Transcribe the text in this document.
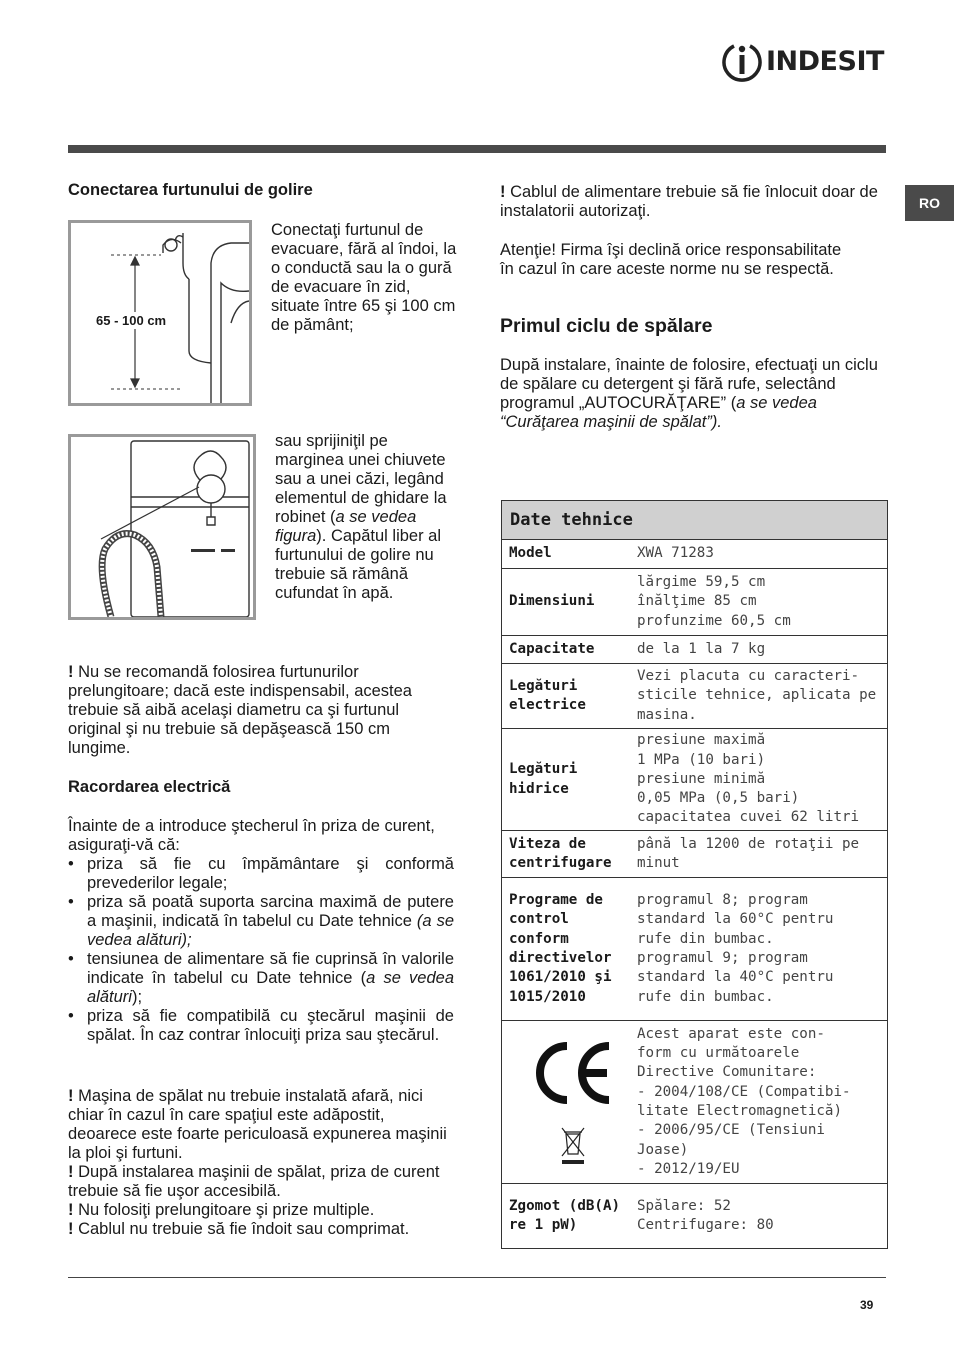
INDESIT
RO
Conectarea furtunului de golire
65 - 100 cm
Conectaţi furtunul de evacuare, fără al îndoi, la o conductă sau la o gură de evacuare în zid, situate între 65 şi 100 cm de pământ;
sau sprijiniţil pe marginea unei chiuvete sau a unei căzi, legând elementul de ghidare la robinet (a se vedea figura). Capătul liber al furtunului de golire nu trebuie să rămână cufundat în apă.
! Nu se recomandă folosirea furtunurilor prelungitoare; dacă este indispensabil, acestea trebuie să aibă acelaşi diametru ca şi furtunul original şi nu trebuie să depăşească 150 cm lungime.
Racordarea electrică
Înainte de a introduce ştecherul în priza de curent, asiguraţi-vă că:
• priza să fie cu împământare şi conformă prevederilor legale;
• priza să poată suporta sarcina maximă de putere a maşinii, indicată în tabelul cu Date tehnice (a se vedea alături);
• tensiunea de alimentare să fie cuprinsă în valorile indicate în tabelul cu Date tehnice (a se vedea alături);
• priza să fie compatibilă cu ştecărul maşinii de spălat. În caz contrar înlocuiţi priza sau ştecărul.
! Maşina de spălat nu trebuie instalată afară, nici chiar în cazul în care spaţiul este adăpostit, deoarece este foarte periculoasă expunerea maşinii la ploi şi furtuni.
! După instalarea maşinii de spălat, priza de curent trebuie să fie uşor accesibilă.
! Nu folosiţi prelungitoare şi prize multiple.
! Cablul nu trebuie să fie îndoit sau comprimat.
! Cablul de alimentare trebuie să fie înlocuit doar de instalatorii autorizaţi.
Atenţie! Firma îşi declină orice responsabilitate în cazul în care aceste norme nu se respectă.
Primul ciclu de spălare
După instalare, înainte de folosire, efectuaţi un ciclu de spălare cu detergent şi fără rufe, selectând programul „AUTOCURĂŢARE” (a se vedea “Curăţarea maşinii de spălat”).
Date tehnice
Model	XWA 71283
Dimensiuni
lărgime 59,5 cm
înălţime 85 cm
profunzime 60,5 cm
Capacitate	de la 1 la 7 kg
Legături electrice
Vezi placuta cu caracteri-
sticile tehnice, aplicata pe
masina.
Legături hidrice
presiune maximă
1 MPa (10 bari)
presiune minimă
0,05 MPa (0,5 bari)
capacitatea cuvei 62 litri
Viteza de centrifugare
până la 1200 de rotaţii pe
minut
Programe de control conform directivelor 1061/2010 şi 1015/2010
programul 8; program
standard la 60°C pentru
rufe din bumbac.
programul 9; program
standard la 40°C pentru
rufe din bumbac.
Acest aparat este con-
form cu următoarele
Directive Comunitare:
- 2004/108/CE (Compatibi-
litate Electromagnetică)
- 2006/95/CE (Tensiuni
Joase)
- 2012/19/EU
Zgomot (dB(A) re 1 pW)
Spălare: 52
Centrifugare: 80
39
